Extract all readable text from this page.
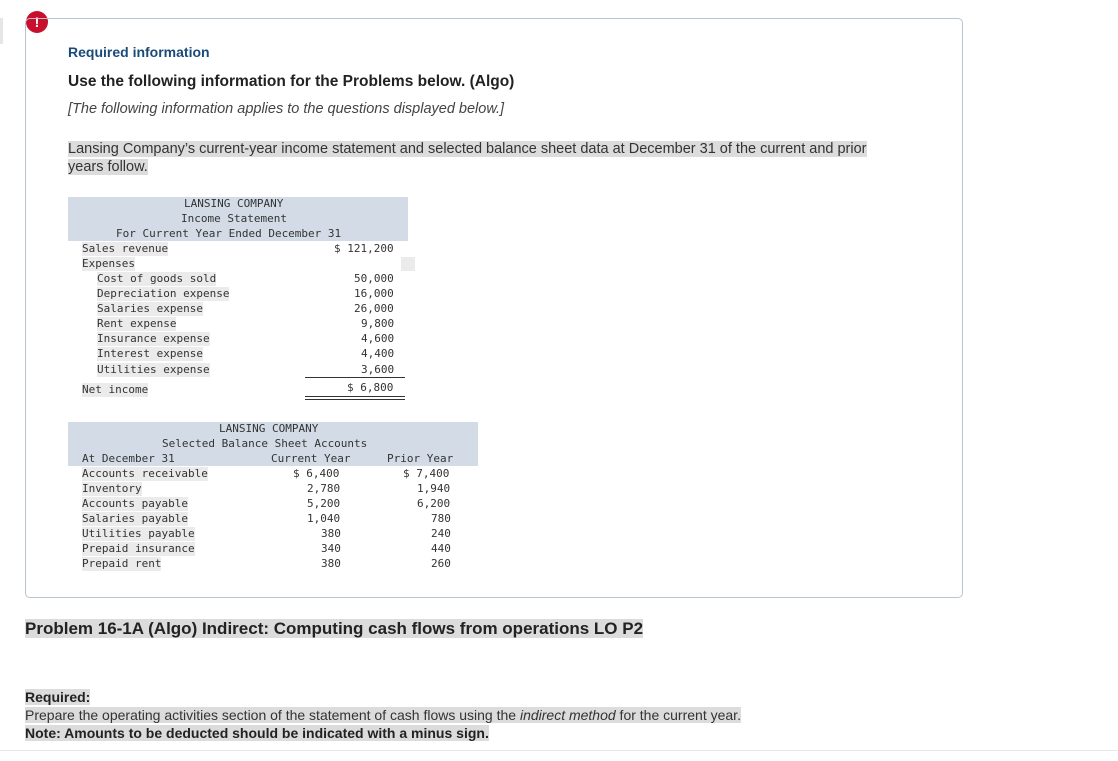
!
Required information
Use the following information for the Problems below. (Algo)
[The following information applies to the questions displayed below.]
Lansing Company’s current-year income statement and selected balance sheet data at December 31 of the current and prior years follow.
LANSING COMPANY
Income Statement
For Current Year Ended December 31
Sales revenue	$ 121,200
Expenses
Cost of goods sold	50,000
Depreciation expense	16,000
Salaries expense	26,000
Rent expense	9,800
Insurance expense	4,600
Interest expense	4,400
Utilities expense	3,600
Net income	$ 6,800
LANSING COMPANY
Selected Balance Sheet Accounts
At December 31	Current Year	Prior Year
Accounts receivable	$ 6,400	$ 7,400
Inventory	2,780	1,940
Accounts payable	5,200	6,200
Salaries payable	1,040	780
Utilities payable	380	240
Prepaid insurance	340	440
Prepaid rent	380	260
Problem 16-1A (Algo) Indirect: Computing cash flows from operations LO P2
Required:
Prepare the operating activities section of the statement of cash flows using the indirect method for the current year.
Note: Amounts to be deducted should be indicated with a minus sign.
